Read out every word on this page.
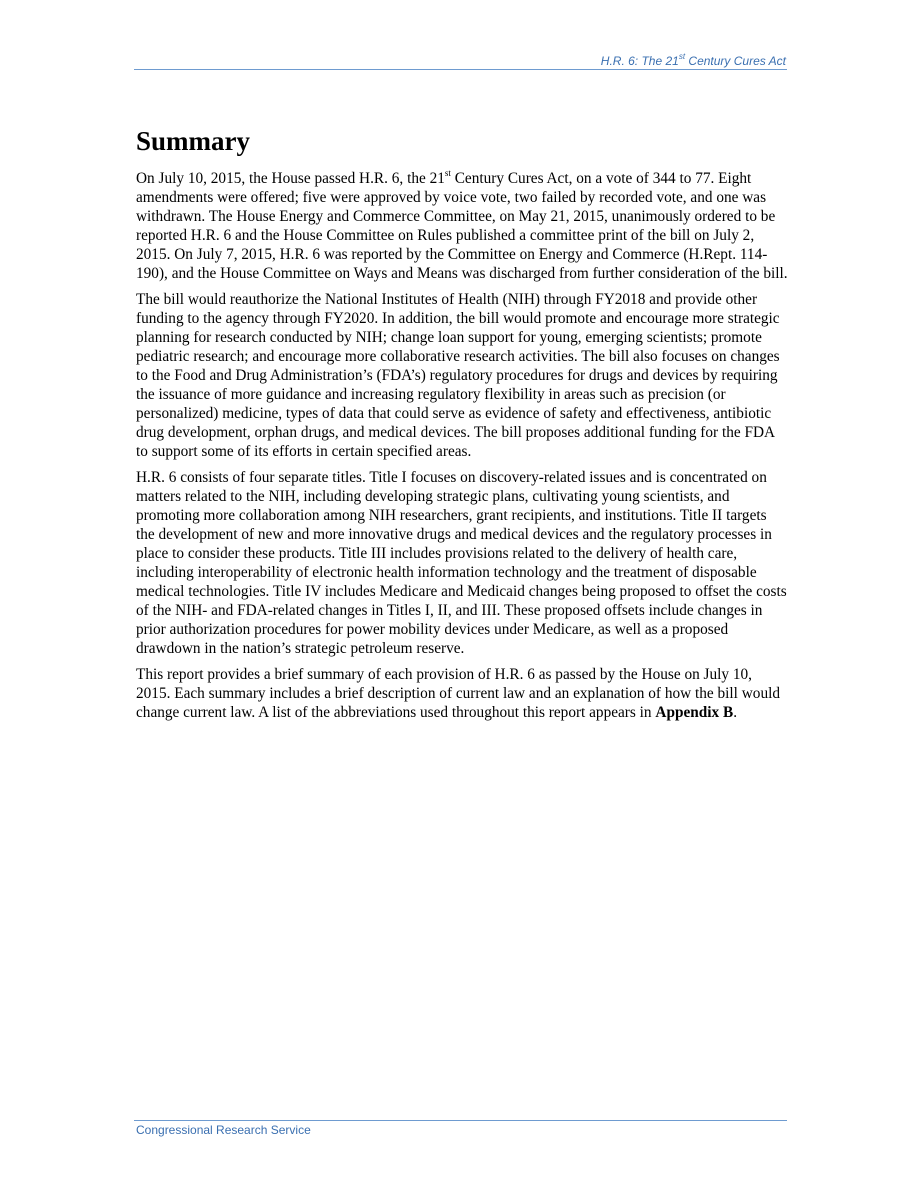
H.R. 6: The 21st Century Cures Act
Summary

On July 10, 2015, the House passed H.R. 6, the 21st Century Cures Act, on a vote of 344 to 77. Eight amendments were offered; five were approved by voice vote, two failed by recorded vote, and one was withdrawn. The House Energy and Commerce Committee, on May 21, 2015, unanimously ordered to be reported H.R. 6 and the House Committee on Rules published a committee print of the bill on July 2, 2015. On July 7, 2015, H.R. 6 was reported by the Committee on Energy and Commerce (H.Rept. 114-190), and the House Committee on Ways and Means was discharged from further consideration of the bill.

The bill would reauthorize the National Institutes of Health (NIH) through FY2018 and provide other funding to the agency through FY2020. In addition, the bill would promote and encourage more strategic planning for research conducted by NIH; change loan support for young, emerging scientists; promote pediatric research; and encourage more collaborative research activities. The bill also focuses on changes to the Food and Drug Administration’s (FDA’s) regulatory procedures for drugs and devices by requiring the issuance of more guidance and increasing regulatory flexibility in areas such as precision (or personalized) medicine, types of data that could serve as evidence of safety and effectiveness, antibiotic drug development, orphan drugs, and medical devices. The bill proposes additional funding for the FDA to support some of its efforts in certain specified areas.

H.R. 6 consists of four separate titles. Title I focuses on discovery-related issues and is concentrated on matters related to the NIH, including developing strategic plans, cultivating young scientists, and promoting more collaboration among NIH researchers, grant recipients, and institutions. Title II targets the development of new and more innovative drugs and medical devices and the regulatory processes in place to consider these products. Title III includes provisions related to the delivery of health care, including interoperability of electronic health information technology and the treatment of disposable medical technologies. Title IV includes Medicare and Medicaid changes being proposed to offset the costs of the NIH- and FDA-related changes in Titles I, II, and III. These proposed offsets include changes in prior authorization procedures for power mobility devices under Medicare, as well as a proposed drawdown in the nation’s strategic petroleum reserve.

This report provides a brief summary of each provision of H.R. 6 as passed by the House on July 10, 2015. Each summary includes a brief description of current law and an explanation of how the bill would change current law. A list of the abbreviations used throughout this report appears in Appendix B.

Congressional Research Service
